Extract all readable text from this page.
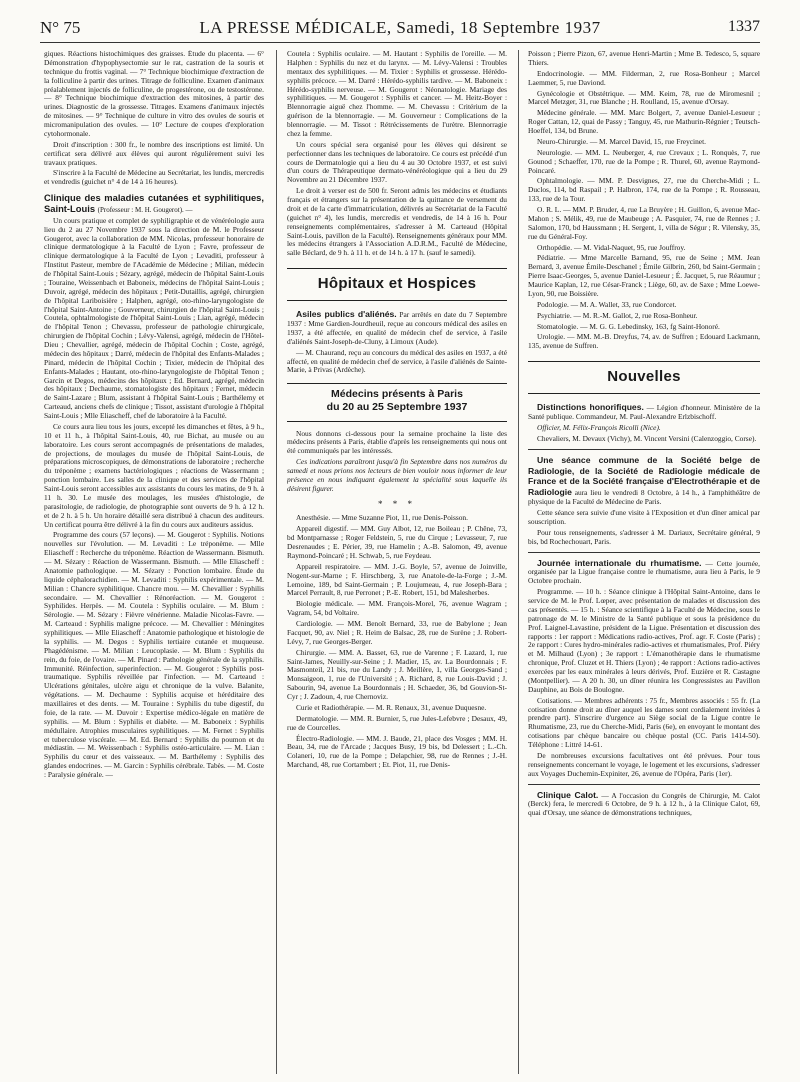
N° 75	LA PRESSE MÉDICALE, Samedi, 18 Septembre 1937	1337

giques. Réactions histochimiques des graisses. Étude du placenta. — 6° Démonstration d'hypophysectomie sur le rat, castration de la souris et technique du frottis vaginal. — 7° Technique biochimique d'extraction de la folliculine à partir des urines. Titrage de folliculine. Examen d'animaux préalablement injectés de folliculine, de progestérone, ou de testostérone. — 8° Technique biochimique d'extraction des mitosines, à partir des urines. Diagnostic de la grossesse. Titrages. Examens d'animaux injectés de mitosines. — 9° Technique de culture in vitro des ovules de souris et micromanipulation des ovules. — 10° Lecture de coupes d'exploration cytohormonale.

Droit d'inscription : 300 fr., le nombre des inscriptions est limité. Un certificat sera délivré aux élèves qui auront régulièrement suivi les travaux pratiques.

S'inscrire à la Faculté de Médecine au Secrétariat, les lundis, mercredis et vendredis (guichet n° 4 de 14 à 16 heures).

Clinique des maladies cutanées et syphilitiques, Saint-Louis (Professeur : M. H. Gougerot). —

Un cours pratique et complet de syphiligraphie et de vénéréologie aura lieu du 2 au 27 Novembre 1937 sous la direction de M. le Professeur Gougerot, avec la collaboration de MM. Nicolas, professeur honoraire de clinique dermatologique à la Faculté de Lyon ; Favre, professeur de clinique dermatologique à la Faculté de Lyon ; Levaditi, professeur à l'Institut Pasteur, membre de l'Académie de Médecine ; Milian, médecin de l'hôpital Saint-Louis ; Sézary, agrégé, médecin de l'hôpital Saint-Louis ; Touraine, Weissenbach et Baboneix, médecins de l'hôpital Saint-Louis ; Duvoir, agrégé, médecin des hôpitaux ; Petit-Dutaillis, agrégé, chirurgien de l'hôpital Lariboisière ; Halphen, agrégé, oto-rhino-laryngologiste de l'hôpital Saint-Antoine ; Gouverneur, chirurgien de l'hôpital Saint-Louis ; Coutela, ophtalmologiste de l'hôpital Saint-Louis ; Lian, agrégé, médecin de l'hôpital Tenon ; Chevassu, professeur de pathologie chirurgicale, chirurgien de l'hôpital Cochin ; Lévy-Valensi, agrégé, médecin de l'Hôtel-Dieu ; Chevallier, agrégé, médecin de l'hôpital Cochin ; Coste, agrégé, médecin des hôpitaux ; Darré, médecin de l'hôpital des Enfants-Malades ; Pinard, médecin de l'hôpital Cochin ; Tixier, médecin de l'hôpital des Enfants-Malades ; Hautant, oto-rhino-laryngologiste de l'hôpital Tenon ; Garcin et Degos, médecins des hôpitaux ; Ed. Bernard, agrégé, médecin des hôpitaux ; Dechaume, stomatologiste des hôpitaux ; Fernet, médecin de Saint-Lazare ; Blum, assistant à l'hôpital Saint-Louis ; Barthélemy et Carteaud, anciens chefs de clinique ; Tissot, assistant d'urologie à l'hôpital Saint-Louis ; Mlle Eliascheff, chef de laboratoire à la Faculté.

Ce cours aura lieu tous les jours, excepté les dimanches et fêtes, à 9 h., 10 et 11 h., à l'hôpital Saint-Louis, 40, rue Bichat, au musée ou au laboratoire. Les cours seront accompagnés de présentations de malades, de projections, de moulages du musée de l'hôpital Saint-Louis, de préparations microscopiques, de démonstrations de laboratoire ; recherche du tréponème ; examens bactériologiques ; réactions de Wassermann ; ponction lombaire. Les salles de la clinique et des services de l'hôpital Saint-Louis seront accessibles aux assistants du cours les matins, de 9 h. à 11 h. 30. Le musée des moulages, les musées d'histologie, de parasitologie, de radiologie, de photographie sont ouverts de 9 h. à 12 h. et de 2 h. à 5 h. Un horaire détaillé sera distribué à chacun des auditeurs. Un certificat pourra être délivré à la fin du cours aux auditeurs assidus.

Programme des cours (57 leçons). — M. Gougerot : Syphilis. Notions nouvelles sur l'évolution. — M. Levaditi : Le tréponème. — Mlle Eliascheff : Recherche du tréponème. Réaction de Wassermann. Bismuth. — M. Sézary : Réaction de Wassermann. Bismuth. — Mlle Eliascheff : Anatomie pathologique. — M. Sézary : Ponction lombaire. Étude du liquide céphalorachidien. — M. Levaditi : Syphilis expérimentale. — M. Milian : Chancre syphilitique. Chancre mou. — M. Chevallier : Syphilis secondaire. — M. Chevallier : Rénoréaction. — M. Gougerot : Syphilides. Herpès. — M. Coutela : Syphilis oculaire. — M. Blum : Sérologie. — M. Sézary : Fièvre vénérienne. Maladie Nicolas-Favre. — M. Carteaud : Syphilis maligne précoce. — M. Chevallier : Méningites syphilitiques. — Mlle Eliascheff : Anatomie pathologique et histologie de la syphilis. — M. Degos : Syphilis tertiaire cutanée et muqueuse. Phagédénisme. — M. Milian : Leucoplasie. — M. Blum : Syphilis du rein, du foie, de l'ovaire. — M. Pinard : Pathologie générale de la syphilis. Immunité. Réinfection, superinfection. — M. Gougerot : Syphilis post-traumatique. Syphilis réveillée par l'infection. — M. Carteaud : Ulcérations génitales, ulcère aigu et chronique de la vulve. Balanite, végétations. — M. Dechaume : Syphilis acquise et héréditaire des maxillaires et des dents. — M. Touraine : Syphilis du tube digestif, du foie, de la rate. — M. Duvoir : Expertise médico-légale en matière de syphilis. — M. Blum : Syphilis et diabète. — M. Baboneix : Syphilis médullaire. Atrophies musculaires syphilitiques. — M. Fernet : Syphilis et tuberculose viscérale. — M. Ed. Bernard : Syphilis du poumon et du médiastin. — M. Weissenbach : Syphilis ostéo-articulaire. — M. Lian : Syphilis du cœur et des vaisseaux. — M. Barthélemy : Syphilis des glandes endocrines. — M. Garcin : Syphilis cérébrale. Tabès. — M. Coste : Paralysie générale. —

Coutela : Syphilis oculaire. — M. Hautant : Syphilis de l'oreille. — M. Halphen : Syphilis du nez et du larynx. — M. Lévy-Valensi : Troubles mentaux des syphilitiques. — M. Tixier : Syphilis et grossesse. Hérédo-syphilis précoce. — M. Darré : Hérédo-syphilis tardive. — M. Baboneix : Hérédo-syphilis nerveuse. — M. Gougerot : Néonatologie. Mariage des syphilitiques. — M. Gougerot : Syphilis et cancer. — M. Heitz-Boyer : Blennorragie aiguë chez l'homme. — M. Chevassu : Critérium de la guérison de la blennorragie. — M. Gouverneur : Complications de la blennorragie. — M. Tissot : Rétrécissements de l'urètre. Blennorragie chez la femme.

Un cours spécial sera organisé pour les élèves qui désirent se perfectionner dans les techniques de laboratoire. Ce cours est précédé d'un cours de Dermatologie qui a lieu du 4 au 30 Octobre 1937, et est suivi d'un cours de Thérapeutique dermato-vénéréologique qui a lieu du 29 Novembre au 21 Décembre 1937.

Le droit à verser est de 500 fr. Seront admis les médecins et étudiants français et étrangers sur la présentation de la quittance de versement du droit et de la carte d'immatriculation, délivrés au Secrétariat de la Faculté (guichet n° 4), les lundis, mercredis et vendredis, de 14 à 16 h. Pour renseignements complémentaires, s'adresser à M. Carteaud (Hôpital Saint-Louis, pavillon de la Faculté). Renseignements généraux pour MM. les médecins étrangers à l'Association A.D.R.M., Faculté de Médecine, salle Béclard, de 9 h. à 11 h. et de 14 h. à 17 h. (sauf le samedi).

Hôpitaux et Hospices

Asiles publics d'aliénés. Par arrêtés en date du 7 Septembre 1937 : Mme Gardien-Jourdheuil, reçue au concours médical des asiles en 1937, a été affectée, en qualité de médecin chef de service, à l'asile d'aliénés Saint-Joseph-de-Cluny, à Limoux (Aude).

— M. Chaurand, reçu au concours du médical des asiles en 1937, a été affecté, en qualité de médecin chef de service, à l'asile d'aliénés de Sainte-Marie, à Privas (Ardèche).

Médecins présents à Paris
du 20 au 25 Septembre 1937

Nous donnons ci-dessous pour la semaine prochaine la liste des médecins présents à Paris, établie d'après les renseignements qui nous ont été communiqués par les intéressés.

Ces indications paraîtront jusqu'à fin Septembre dans nos numéros du samedi et nous prions nos lecteurs de bien vouloir nous informer de leur présence en nous indiquant également la spécialité sous laquelle ils désirent figurer.

* * *

Anesthésie. — Mme Suzanne Piot, 11, rue Denis-Poisson.

Appareil digestif. — MM. Guy Albot, 12, rue Boileau ; P. Chêne, 73, bd Montparnasse ; Roger Feldstein, 5, rue du Cirque ; Levasseur, 7, rue Desrenaudes ; E. Périer, 39, rue Hamelin ; A.-B. Salomon, 49, avenue Raymond-Poincaré ; H. Schwab, 5, rue Feydeau.

Appareil respiratoire. — MM. J.-G. Boyle, 57, avenue de Joinville, Nogent-sur-Marne ; F. Hirschberg, 3, rue Anatole-de-la-Forge ; J.-M. Lemoine, 189, bd Saint-Germain ; P. Loujumeau, 4, rue Joseph-Bara ; Marcel Perrault, 8, rue Perronet ; P.-E. Robert, 151, bd Malesherbes.

Biologie médicale. — MM. François-Morel, 76, avenue Wagram ; Vagram, 54, bd Voltaire.

Cardiologie. — MM. Benoît Bernard, 33, rue de Babylone ; Jean Facquet, 90, av. Niel ; R. Heim de Balsac, 28, rue de Surène ; J. Robert-Lévy, 7, rue Georges-Berger.

Chirurgie. — MM. A. Basset, 63, rue de Varenne ; F. Lazard, 1, rue Saint-James, Neuilly-sur-Seine ; J. Madier, 15, av. La Bourdonnais ; F. Masmonteil, 21 bis, rue du Landy ; J. Meillère, 1, villa Georges-Sand ; Monsaigeon, 1, rue de l'Université ; A. Richard, 8, rue Louis-David ; J. Sabourin, 94, avenue La Bourdonnais ; H. Schaeder, 36, bd Gouvion-St-Cyr ; J. Zadoun, 4, rue Chernoviz.

Curie et Radiothérapie. — M. R. Renaux, 31, avenue Duquesne.

Dermatologie. — MM. R. Burnier, 5, rue Jules-Lefebvre ; Desaux, 49, rue de Courcelles.

Électro-Radiologie. — MM. J. Baude, 21, place des Vosges ; MM. H. Beau, 34, rue de l'Arcade ; Jacques Busy, 19 bis, bd Delessert ; L.-Ch. Colaneri, 10, rue de la Pompe ; Delapchier, 98, rue de Rennes ; J.-H. Marchand, 48, rue Cortambert ; Et. Piot, 11, rue Denis-

Poisson ; Pierre Pizon, 67, avenue Henri-Martin ; Mme B. Tedesco, 5, square Thiers.

Endocrinologie. — MM. Filderman, 2, rue Rosa-Bonheur ; Marcel Laemmer, 5, rue Daviond.

Gynécologie et Obstétrique. — MM. Keim, 78, rue de Miromesnil ; Marcel Metzger, 31, rue Blanche ; H. Roulland, 15, avenue d'Orsay.

Médecine générale. — MM. Marc Bolgert, 7, avenue Daniel-Lesueur ; Roger Cattan, 12, quai de Passy ; Tanguy, 45, rue Mathurin-Régnier ; Teutsch-Hoeffel, 134, bd Brune.

Neuro-Chirurgie. — M. Marcel David, 15, rue Freycinet.

Neurologie. — MM. L. Neuberger, 4, rue Crevaux ; L. Ronquès, 7, rue Gounod ; Schaeffer, 170, rue de la Pompe ; R. Thurel, 60, avenue Raymond-Poincaré.

Ophtalmologie. — MM. P. Desvignes, 27, rue du Cherche-Midi ; L. Duclos, 114, bd Raspail ; P. Halbron, 174, rue de la Pompe ; R. Rousseau, 133, rue de la Tour.

O. R. L. — MM. P. Bruder, 4, rue La Bruyère ; H. Guillon, 6, avenue Mac-Mahon ; S. Mélik, 49, rue de Maubeuge ; A. Pasquier, 74, rue de Rennes ; J. Salomon, 170, bd Haussmann ; H. Sergent, 1, villa de Ségur ; R. Vilensky, 35, rue du Général-Foy.

Orthopédie. — M. Vidal-Naquet, 95, rue Jouffroy.

Pédiatrie. — Mme Marcelle Barnand, 95, rue de Seine ; MM. Jean Bernard, 3, avenue Émile-Deschanel ; Émile Gilbrin, 260, bd Saint-Germain ; Pierre Isaac-Georges, 5, avenue Daniel-Lesueur ; É. Jacquet, 5, rue Réaumur ; Maurice Kaplan, 12, rue César-Franck ; Liège, 60, av. de Saxe ; Mme Loewe-Lyon, 90, rue Boissière.

Podologie. — M. A. Wallet, 33, rue Condorcet.

Psychiatrie. — M. R.-M. Gallot, 2, rue Rosa-Bonheur.

Stomatologie. — M. G. G. Lebedinsky, 163, fg Saint-Honoré.

Urologie. — MM. M.-B. Dreyfus, 74, av. de Suffren ; Edouard Lackmann, 135, avenue de Suffren.

Nouvelles

Distinctions honorifiques. — Légion d'honneur. Ministère de la Santé publique. Commandeur, M. Paul-Alexandre Erlzbischoff.

Officier, M. Félix-François Ricolli (Nice).

Chevaliers, M. Devaux (Vichy), M. Vincent Versini (Calenzoggio, Corse).

Une séance commune de la Société belge de Radiologie, de la Société de Radiologie médicale de France et de la Société française d'Electrothérapie et de Radiologie aura lieu le vendredi 8 Octobre, à 14 h., à l'amphithéâtre de physique de la Faculté de Médecine de Paris.

Cette séance sera suivie d'une visite à l'Exposition et d'un dîner amical par souscription.

Pour tous renseignements, s'adresser à M. Dariaux, Secrétaire général, 9 bis, bd Rochechouart, Paris.

Journée internationale du rhumatisme. — Cette journée, organisée par la Ligue française contre le rhumatisme, aura lieu à Paris, le 9 Octobre prochain.

Programme. — 10 h. : Séance clinique à l'Hôpital Saint-Antoine, dans le service de M. le Prof. Lœper, avec présentation de malades et discussion des cas présentés. — 15 h. : Séance scientifique à la Faculté de Médecine, sous le patronage de M. le Ministre de la Santé publique et sous la présidence du Prof. Laignel-Lavastine, président de la Ligue. Présentation et discussion des rapports : 1er rapport : Médications radio-actives, Prof. agr. F. Coste (Paris) ; 2e rapport : Cures hydro-minérales radio-actives et rhumatismales, Prof. Piéry et M. Milhaud (Lyon) ; 3e rapport : L'émanothérapie dans le rhumatisme chronique, Prof. Cluzet et H. Thiers (Lyon) ; 4e rapport : Actions radio-actives exercées par les eaux minérales à leurs dérivés, Prof. Euzière et R. Castagne (Montpellier). — A 20 h. 30, un dîner réunira les Congressistes au Pavillon Dauphine, au Bois de Boulogne.

Cotisations. — Membres adhérents : 75 fr., Membres associés : 55 fr. (La cotisation donne droit au dîner auquel les dames sont cordialement invitées à prendre part). S'inscrire d'urgence au Siège social de la Ligue contre le Rhumatisme, 23, rue du Cherche-Midi, Paris (6e), en envoyant le montant des cotisations par chèque bancaire ou chèque postal (CC. Paris 1414-50). Téléphone : Littré 14-61.

De nombreuses excursions facultatives ont été prévues. Pour tous renseignements concernant le voyage, le logement et les excursions, s'adresser aux Voyages Duchemin-Expiniter, 26, avenue de l'Opéra, Paris (1er).

Clinique Calot. — A l'occasion du Congrès de Chirurgie, M. Calot (Berck) fera, le mercredi 6 Octobre, de 9 h. à 12 h., à la Clinique Calot, 69, quai d'Orsay, une séance de démonstrations techniques,
